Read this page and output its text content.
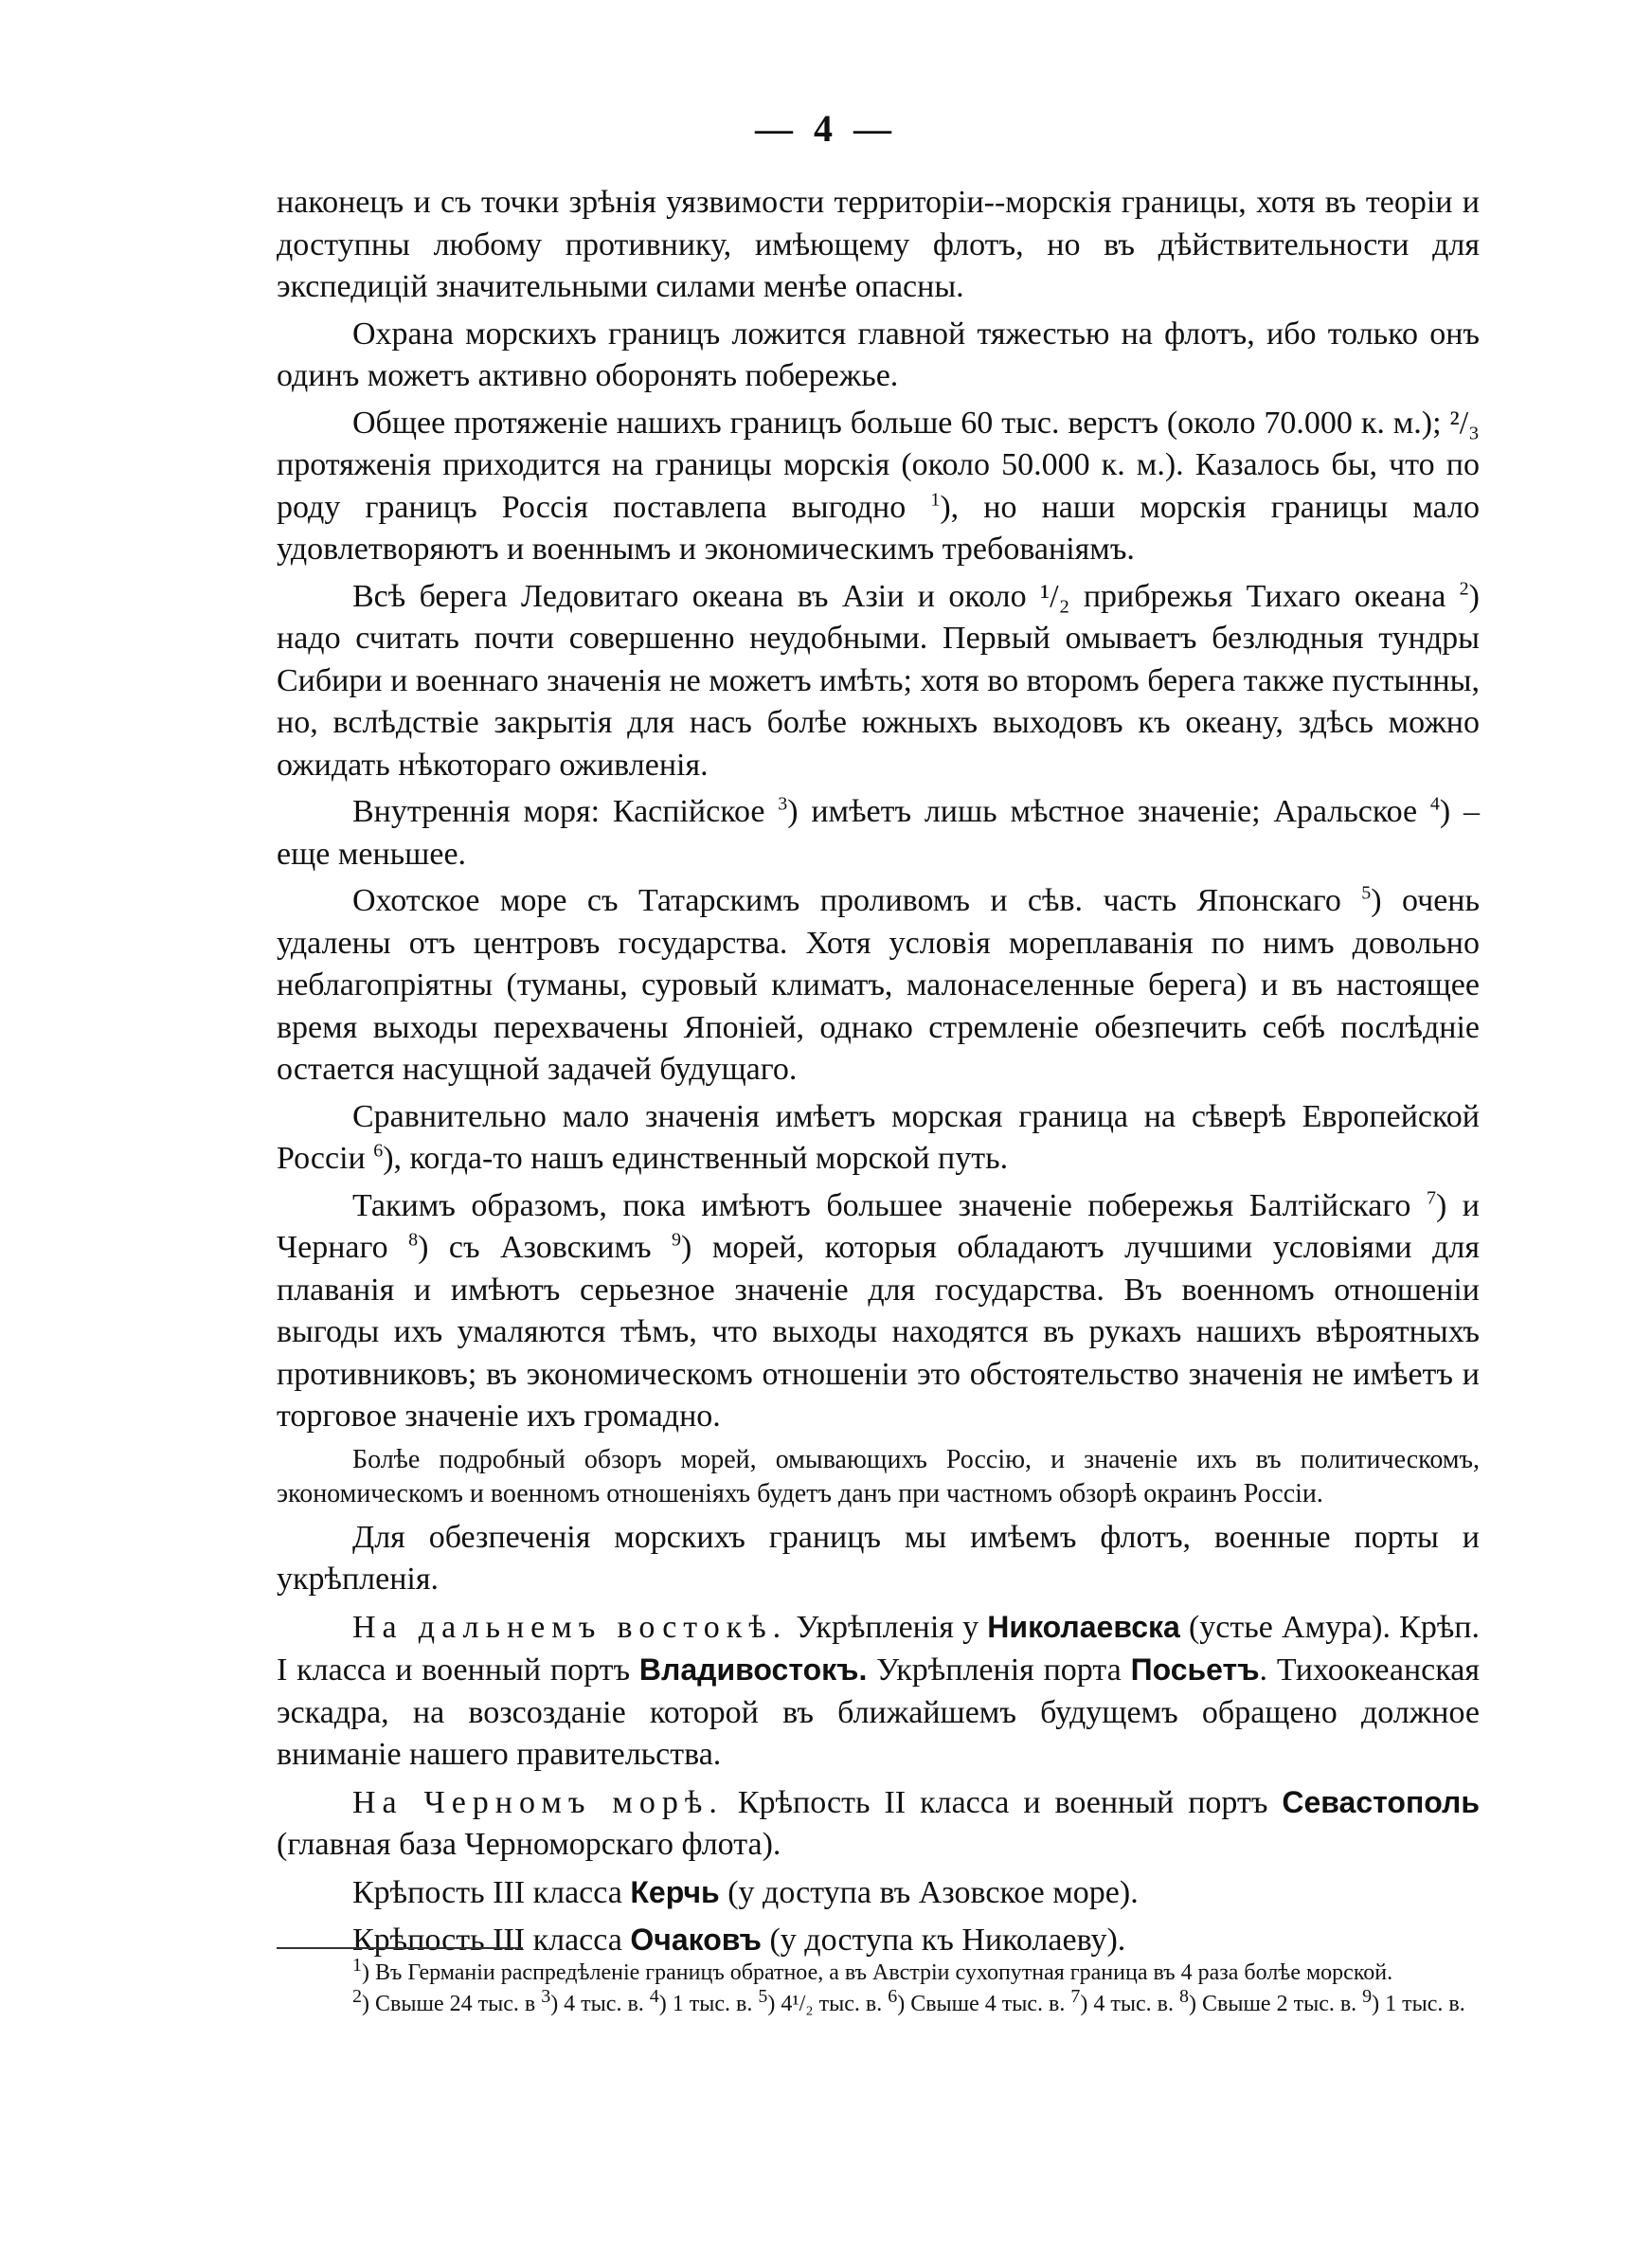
— 4 —

наконецъ и съ точки зрѣнія уязвимости территоріи--морскія границы, хотя въ теоріи и доступны любому противнику, имѣющему флотъ, но въ дѣйствительности для экспедицій значительными силами менѣе опасны.

Охрана морскихъ границъ ложится главной тяжестью на флотъ, ибо только онъ одинъ можетъ активно оборонять побережье.

Общее протяженіе нашихъ границъ больше 60 тыс. верстъ (около 70.000 к. м.); ²/₃ протяженія приходится на границы морскія (около 50.000 к. м.). Казалось бы, что по роду границъ Россія поставлепа выгодно $^1$), но наши морскія границы мало удовлетворяютъ и военнымъ и экономическимъ требованіямъ.

Всѣ берега Ледовитаго океана въ Азіи и около ¹/₂ прибрежья Тихаго океана $^2$) надо считать почти совершенно неудобными. Первый омываетъ безлюдныя тундры Сибири и военнаго значенія не можетъ имѣть; хотя во второмъ берега также пустынны, но, вслѣдствіе закрытія для насъ болѣе южныхъ выходовъ къ океану, здѣсь можно ожидать нѣкотораго оживленія.

Внутреннія моря: Каспійское $^3$) имѣетъ лишь мѣстное значеніе; Аральское $^4$) – еще меньшее.

Охотское море съ Татарскимъ проливомъ и сѣв. часть Японскаго $^5$) очень удалены отъ центровъ государства. Хотя условія мореплаванія по нимъ довольно неблагопріятны (туманы, суровый климатъ, малонаселенные берега) и въ настоящее время выходы перехвачены Японіей, однако стремленіе обезпечить себѣ послѣдніе остается насущной задачей будущаго.

Сравнительно мало значенія имѣетъ морская граница на сѣверѣ Европейской Россіи $^6$), когда-то нашъ единственный морской путь.

Такимъ образомъ, пока имѣютъ большее значеніе побережья Балтійскаго $^7$) и Чернаго $^8$) съ Азовскимъ $^9$) морей, которыя обладаютъ лучшими условіями для плаванія и имѣютъ серьезное значеніе для государства. Въ военномъ отношеніи выгоды ихъ умаляются тѣмъ, что выходы находятся въ рукахъ нашихъ вѣроятныхъ противниковъ; въ экономическомъ отношеніи это обстоятельство значенія не имѣетъ и торговое значеніе ихъ громадно.

Болѣе подробный обзоръ морей, омывающихъ Россію, и значеніе ихъ въ политическомъ, экономическомъ и военномъ отношеніяхъ будетъ данъ при частномъ обзорѣ окраинъ Россіи.

Для обезпеченія морскихъ границъ мы имѣемъ флотъ, военные порты и укрѣпленія.

На дальнемъ востокѣ. Укрѣпленія у Николаевска (устье Амура). Крѣп. I класса и военный портъ Владивостокъ. Укрѣпленія порта Посьетъ. Тихоокеанская эскадра, на возсозданіе которой въ ближайшемъ будущемъ обращено должное вниманіе нашего правительства.

На Черномъ морѣ. Крѣпость II класса и военный портъ Севастополь (главная база Черноморскаго флота).

Крѣпость III класса Керчь (у доступа въ Азовское море).

Крѣпость III класса Очаковъ (у доступа къ Николаеву).

$^1$) Въ Германіи распредѣленіе границъ обратное, а въ Австріи сухопутная граница въ 4 раза болѣе морской.

$^2$) Свыше 24 тыс. в $^3$) 4 тыс. в. $^4$) 1 тыс. в. $^5$) 4¹/₂ тыс. в. $^6$) Свыше 4 тыс. в. $^7$) 4 тыс. в. $^8$) Свыше 2 тыс. в. $^9$) 1 тыс. в.
